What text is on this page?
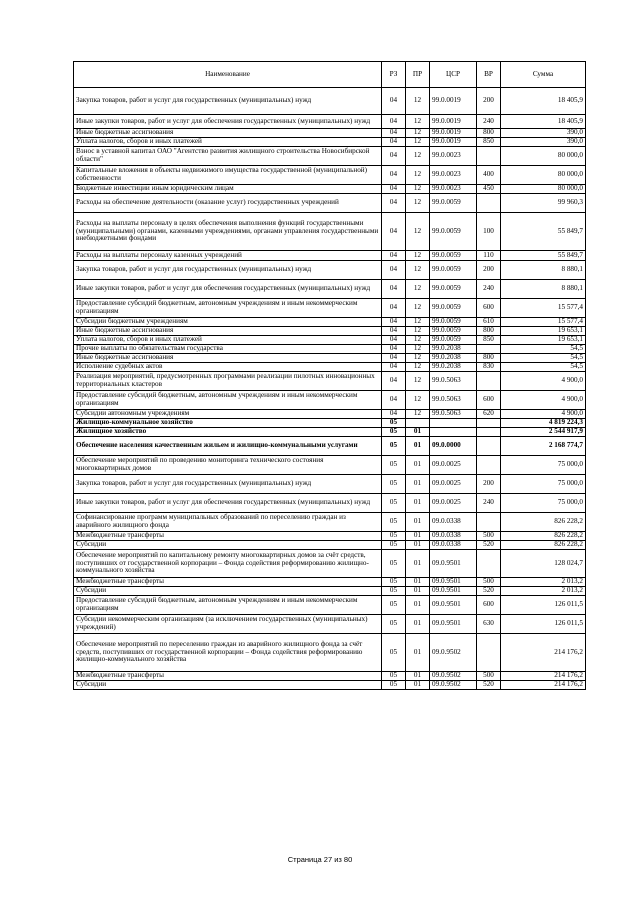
Наименование	РЗ	ПР	ЦСР	ВР	Сумма
Закупка товаров, работ и услуг для государственных (муниципальных) нужд	04	12	99.0.0019	200	18 405,9
Иные закупки товаров, работ и услуг для обеспечения государственных (муниципальных) нужд	04	12	99.0.0019	240	18 405,9
Иные бюджетные ассигнования	04	12	99.0.0019	800	390,0
Уплата налогов, сборов и иных платежей	04	12	99.0.0019	850	390,0
Взнос в уставной капитал ОАО "Агентство развития жилищного строительства Новосибирской области"	04	12	99.0.0023		80 000,0
Капитальные вложения в объекты недвижимого имущества государственной (муниципальной) собственности	04	12	99.0.0023	400	80 000,0
Бюджетные инвестиции иным юридическим лицам	04	12	99.0.0023	450	80 000,0
Расходы на обеспечение деятельности (оказание услуг) государственных учреждений	04	12	99.0.0059		99 960,3
Расходы на выплаты персоналу в целях обеспечения выполнения функций государственными (муниципальными) органами, казенными учреждениями, органами управления государственными внебюджетными фондами	04	12	99.0.0059	100	55 849,7
Расходы на выплаты персоналу казенных учреждений	04	12	99.0.0059	110	55 849,7
Закупка товаров, работ и услуг для государственных (муниципальных) нужд	04	12	99.0.0059	200	8 880,1
Иные закупки товаров, работ и услуг для обеспечения государственных (муниципальных) нужд	04	12	99.0.0059	240	8 880,1
Предоставление субсидий бюджетным, автономным учреждениям и иным некоммерческим организациям	04	12	99.0.0059	600	15 577,4
Субсидии бюджетным учреждениям	04	12	99.0.0059	610	15 577,4
Иные бюджетные ассигнования	04	12	99.0.0059	800	19 653,1
Уплата налогов, сборов и иных платежей	04	12	99.0.0059	850	19 653,1
Прочие выплаты по обязательствам государства	04	12	99.0.2038		54,5
Иные бюджетные ассигнования	04	12	99.0.2038	800	54,5
Исполнение судебных актов	04	12	99.0.2038	830	54,5
Реализация мероприятий, предусмотренных программами реализации пилотных инновационных территориальных кластеров	04	12	99.0.5063		4 900,0
Предоставление субсидий бюджетным, автономным учреждениям и иным некоммерческим организациям	04	12	99.0.5063	600	4 900,0
Субсидии автономным учреждениям	04	12	99.0.5063	620	4 900,0
Жилищно-коммунальное хозяйство	05				4 819 224,3
Жилищное хозяйство	05	01			2 544 917,9
Обеспечение населения качественным жильем и жилищно-коммунальными услугами	05	01	09.0.0000		2 168 774,7
Обеспечение мероприятий по проведению мониторинга технического состояния многоквартирных домов	05	01	09.0.0025		75 000,0
Закупка товаров, работ и услуг для государственных (муниципальных) нужд	05	01	09.0.0025	200	75 000,0
Иные закупки товаров, работ и услуг для обеспечения государственных (муниципальных) нужд	05	01	09.0.0025	240	75 000,0
Софинансирование программ муниципальных образований по переселению граждан из аварийного жилищного фонда	05	01	09.0.0338		826 228,2
Межбюджетные трансферты	05	01	09.0.0338	500	826 228,2
Субсидии	05	01	09.0.0338	520	826 228,2
Обеспечение мероприятий по капитальному ремонту многоквартирных домов за счёт средств, поступивших от государственной корпорации – Фонда содействия реформированию жилищно-коммунального хозяйства	05	01	09.0.9501		128 024,7
Межбюджетные трансферты	05	01	09.0.9501	500	2 013,2
Субсидии	05	01	09.0.9501	520	2 013,2
Предоставление субсидий бюджетным, автономным учреждениям и иным некоммерческим организациям	05	01	09.0.9501	600	126 011,5
Субсидии некоммерческим организациям (за исключением государственных (муниципальных) учреждений)	05	01	09.0.9501	630	126 011,5
Обеспечение мероприятий по переселению граждан из аварийного жилищного фонда за счёт средств, поступивших от государственной корпорации – Фонда содействия реформированию жилищно-коммунального хозяйства	05	01	09.0.9502		214 176,2
Межбюджетные трансферты	05	01	09.0.9502	500	214 176,2
Субсидии	05	01	09.0.9502	520	214 176,2
Страница 27 из 80
